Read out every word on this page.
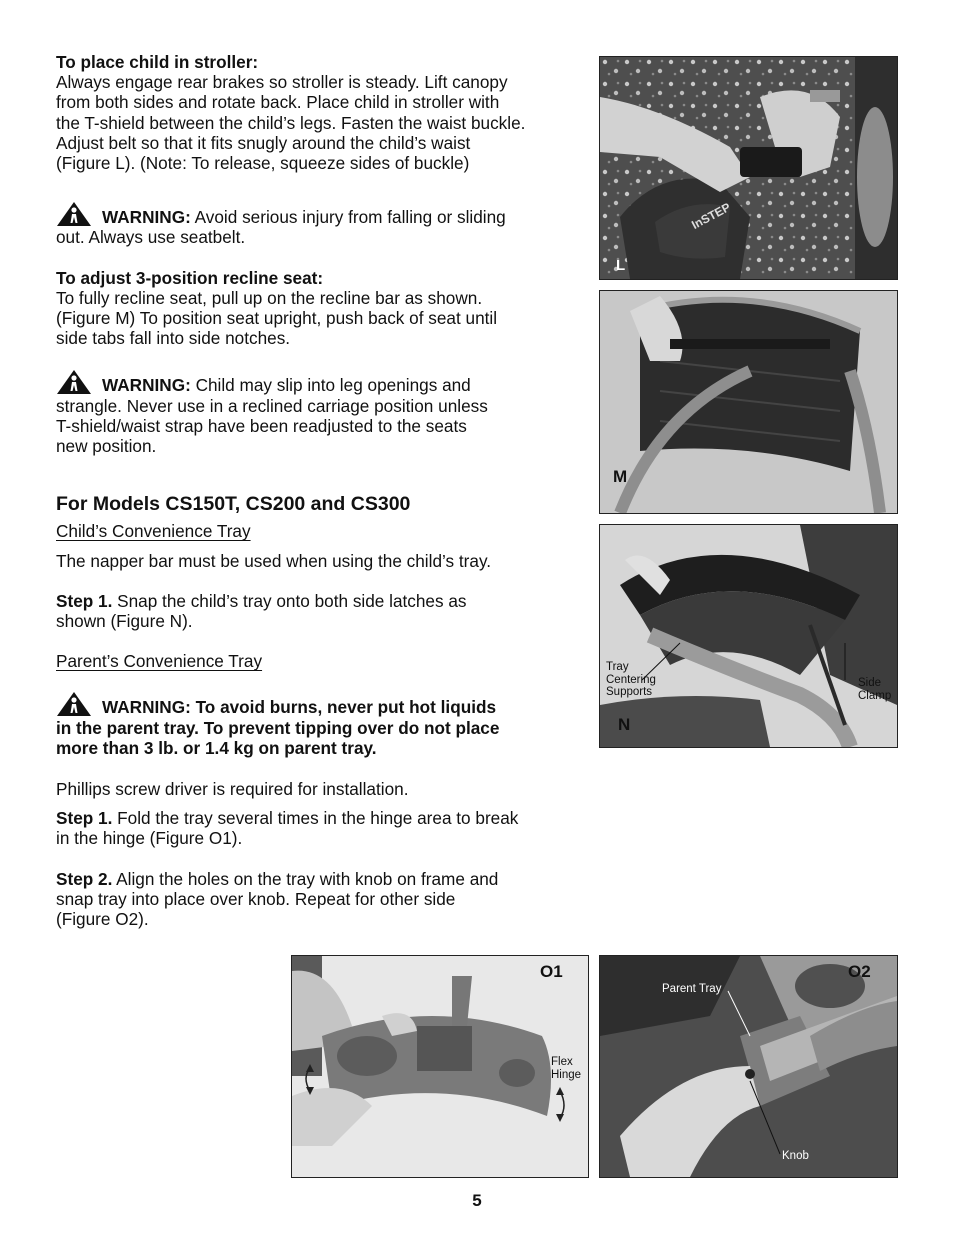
To place child in stroller:

Always engage rear brakes so stroller is steady. Lift canopy

from both sides and rotate back. Place child in stroller with

the T-shield between the child’s legs. Fasten the waist buckle.

Adjust belt so that it fits snugly around the child’s waist

(Figure L). (Note: To release, squeeze sides of buckle)

WARNING: Avoid serious injury from falling or sliding

out. Always use seatbelt.

To adjust 3-position recline seat:

To fully recline seat, pull up on the recline bar as shown.

(Figure M) To position seat upright, push back of seat until

side tabs fall into side notches.

WARNING: Child may slip into leg openings and

strangle. Never use in a reclined carriage position unless

T-shield/waist strap have been readjusted to the seats

new position.

For Models CS150T, CS200 and CS300

Child’s Convenience Tray

The napper bar must be used when using the child’s tray.

Step 1. Snap the child’s tray onto both side latches as

shown (Figure N).

Parent’s Convenience Tray

WARNING: To avoid burns, never put hot liquids

in the parent tray. To prevent tipping over do not place

more than 3 lb. or 1.4 kg on parent tray.

Phillips screw driver is required for installation.

Step 1. Fold the tray several times in the hinge area to break

in the hinge (Figure O1).

Step 2. Align the holes on the tray with knob on frame and

snap tray into place over knob. Repeat for other side

(Figure O2).

L
InSTEP
M
Tray
Centering
Supports
Side
Clamp
N
O1
Flex
Hinge
O2
Parent Tray
Knob
5
